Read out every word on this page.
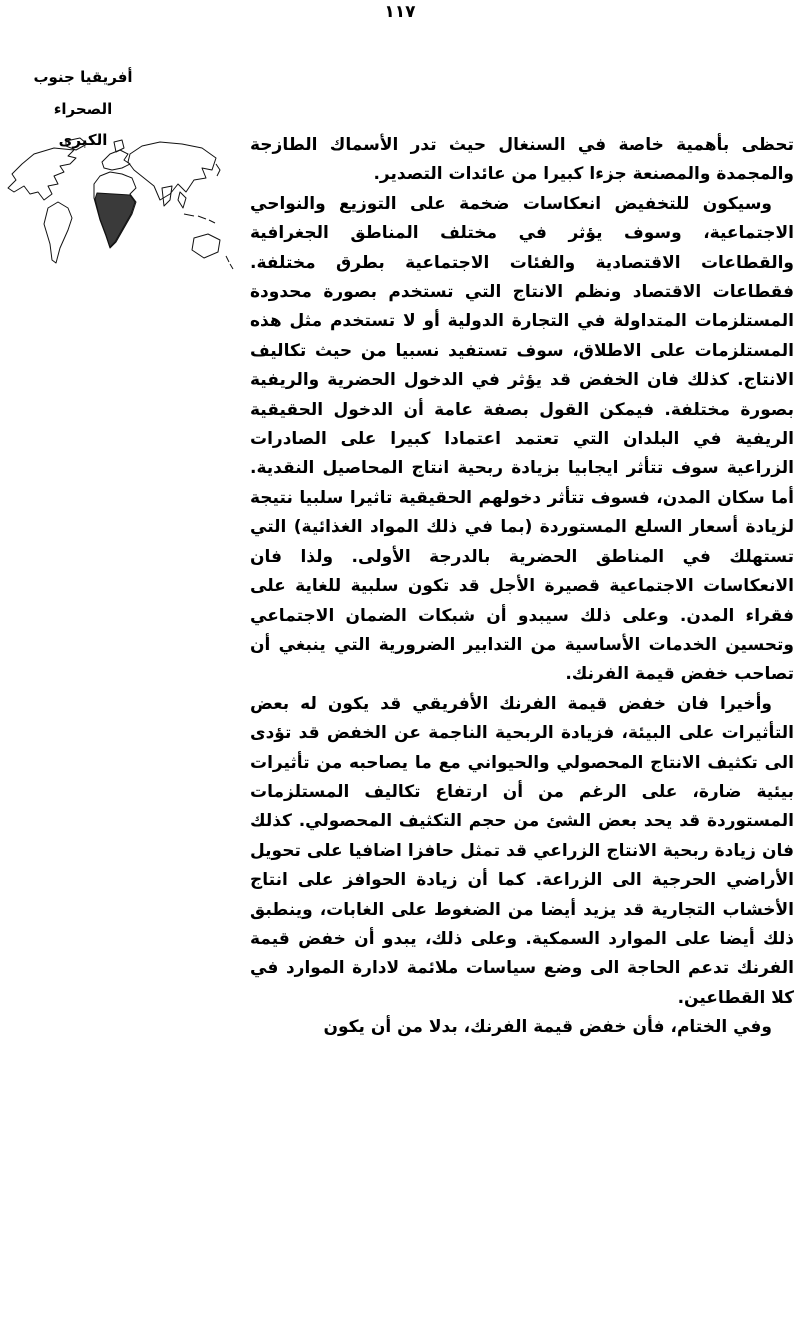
١١٧
أفريقيا جنوب الصحراء
الكبرى	تحظى بأهمية خاصة في السنغال حيث تدر الأسماك الطازجة والمجمدة والمصنعة جزءا كبيرا من عائدات التصدير.

وسيكون للتخفيض انعكاسات ضخمة على التوزيع والنواحي الاجتماعية، وسوف يؤثر في مختلف المناطق الجغرافية والقطاعات الاقتصادية والفئات الاجتماعية بطرق مختلفة. فقطاعات الاقتصاد ونظم الانتاج التي تستخدم بصورة محدودة المستلزمات المتداولة في التجارة الدولية أو لا تستخدم مثل هذه المستلزمات على الاطلاق، سوف تستفيد نسبيا من حيث تكاليف الانتاج. كذلك فان الخفض قد يؤثر في الدخول الحضرية والريفية بصورة مختلفة. فيمكن القول بصفة عامة أن الدخول الحقيقية الريفية في البلدان التي تعتمد اعتمادا كبيرا على الصادرات الزراعية سوف تتأثر ايجابيا بزيادة ربحية انتاج المحاصيل النقدية. أما سكان المدن، فسوف تتأثر دخولهم الحقيقية تاثيرا سلبيا نتيجة لزيادة أسعار السلع المستوردة (بما في ذلك المواد الغذائية) التي تستهلك في المناطق الحضرية بالدرجة الأولى. ولذا فان الانعكاسات الاجتماعية قصيرة الأجل قد تكون سلبية للغاية على فقراء المدن. وعلى ذلك سيبدو أن شبكات الضمان الاجتماعي وتحسين الخدمات الأساسية من التدابير الضرورية التي ينبغي أن تصاحب خفض قيمة الفرنك.

وأخيرا فان خفض قيمة الفرنك الأفريقي قد يكون له بعض التأثيرات على البيئة، فزيادة الربحية الناجمة عن الخفض قد تؤدى الى تكثيف الانتاج المحصولي والحيواني مع ما يصاحبه من تأثيرات بيئية ضارة، على الرغم من أن ارتفاع تكاليف المستلزمات المستوردة قد يحد بعض الشئ من حجم التكثيف المحصولي. كذلك فان زيادة ربحية الانتاج الزراعي قد تمثل حافزا اضافيا على تحويل الأراضي الحرجية الى الزراعة. كما أن زيادة الحوافز على انتاج الأخشاب التجارية قد يزيد أيضا من الضغوط على الغابات، وينطبق ذلك أيضا على الموارد السمكية. وعلى ذلك، يبدو أن خفض قيمة الفرنك تدعم الحاجة الى وضع سياسات ملائمة لادارة الموارد في كلا القطاعين.

وفي الختام، فأن خفض قيمة الفرنك، بدلا من أن يكون
